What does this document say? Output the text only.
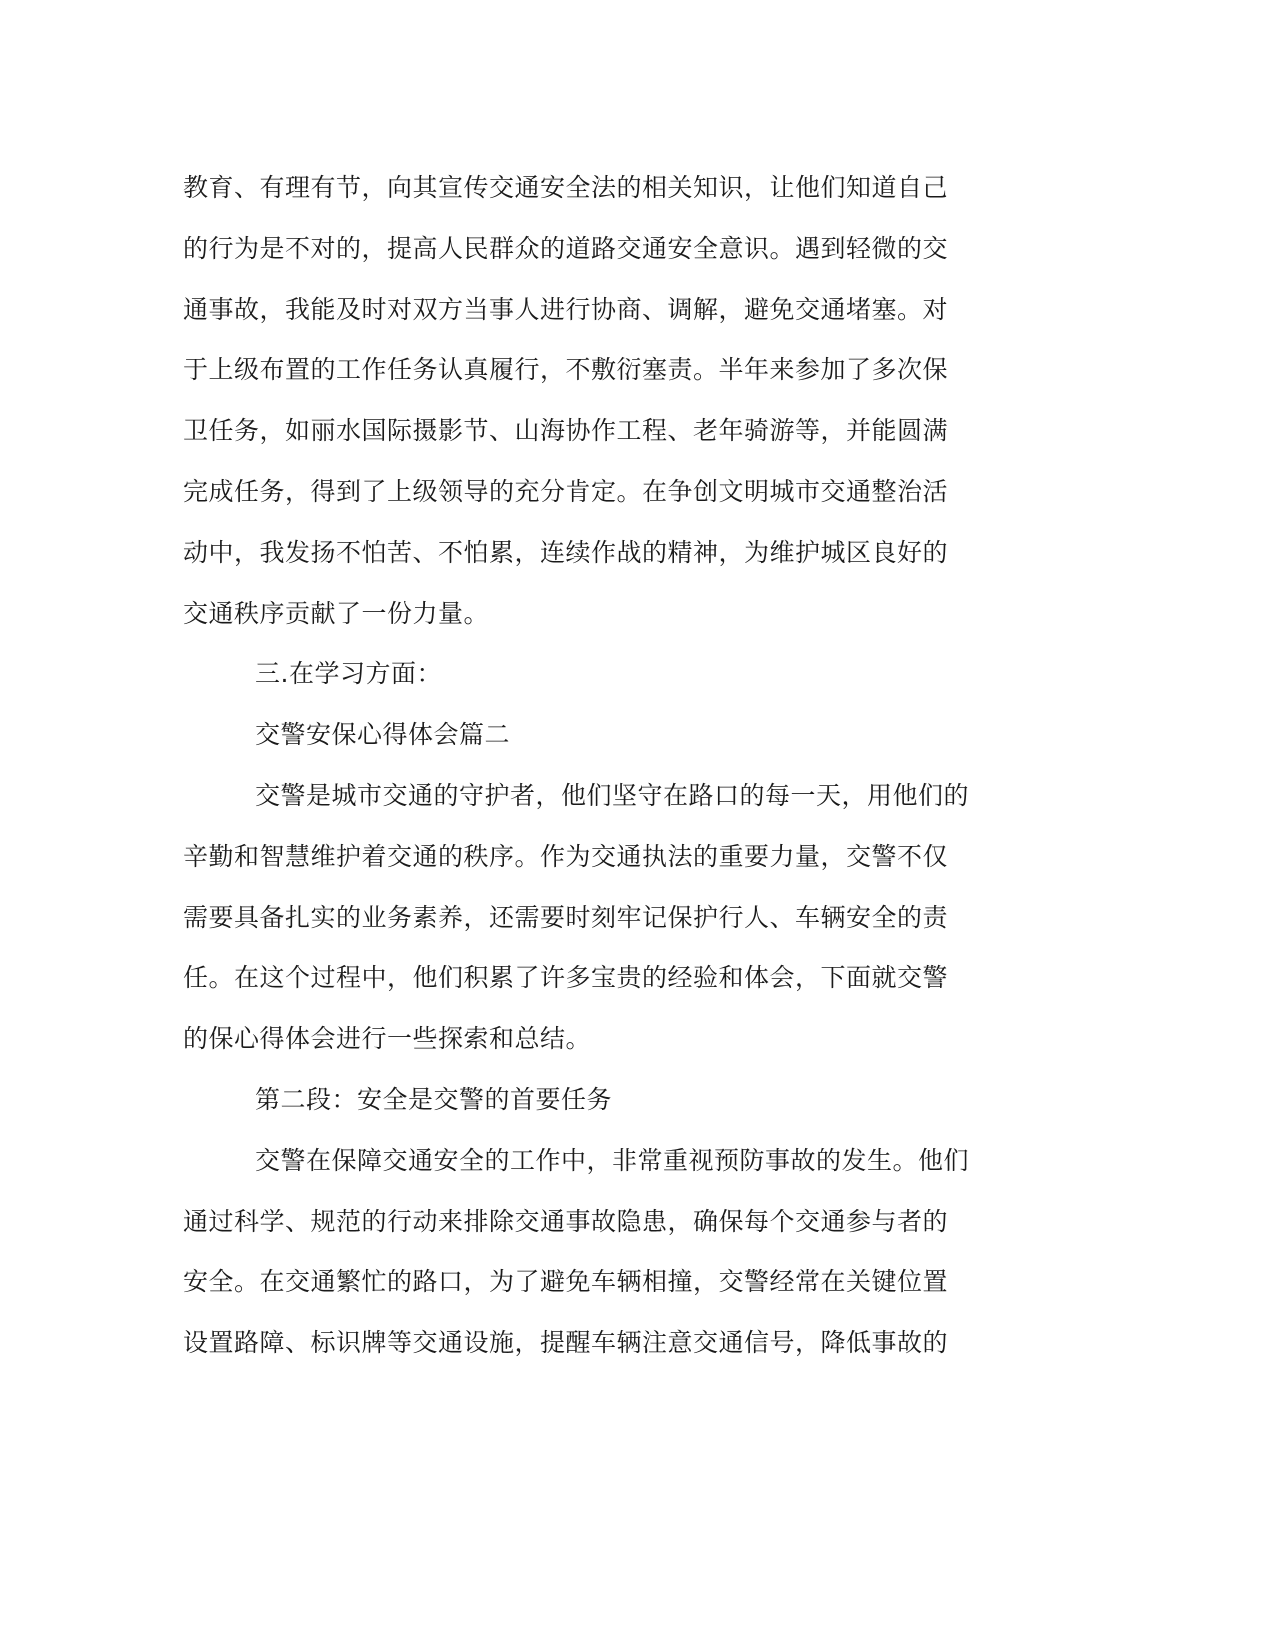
教育、有理有节，向其宣传交通安全法的相关知识，让他们知道自己
的行为是不对的，提高人民群众的道路交通安全意识。遇到轻微的交
通事故，我能及时对双方当事人进行协商、调解，避免交通堵塞。对
于上级布置的工作任务认真履行，不敷衍塞责。半年来参加了多次保
卫任务，如丽水国际摄影节、山海协作工程、老年骑游等，并能圆满
完成任务，得到了上级领导的充分肯定。在争创文明城市交通整治活
动中，我发扬不怕苦、不怕累，连续作战的精神，为维护城区良好的
交通秩序贡献了一份力量。
三.在学习方面：
交警安保心得体会篇二
交警是城市交通的守护者，他们坚守在路口的每一天，用他们的
辛勤和智慧维护着交通的秩序。作为交通执法的重要力量，交警不仅
需要具备扎实的业务素养，还需要时刻牢记保护行人、车辆安全的责
任。在这个过程中，他们积累了许多宝贵的经验和体会，下面就交警
的保心得体会进行一些探索和总结。
第二段：安全是交警的首要任务
交警在保障交通安全的工作中，非常重视预防事故的发生。他们
通过科学、规范的行动来排除交通事故隐患，确保每个交通参与者的
安全。在交通繁忙的路口，为了避免车辆相撞，交警经常在关键位置
设置路障、标识牌等交通设施，提醒车辆注意交通信号，降低事故的
